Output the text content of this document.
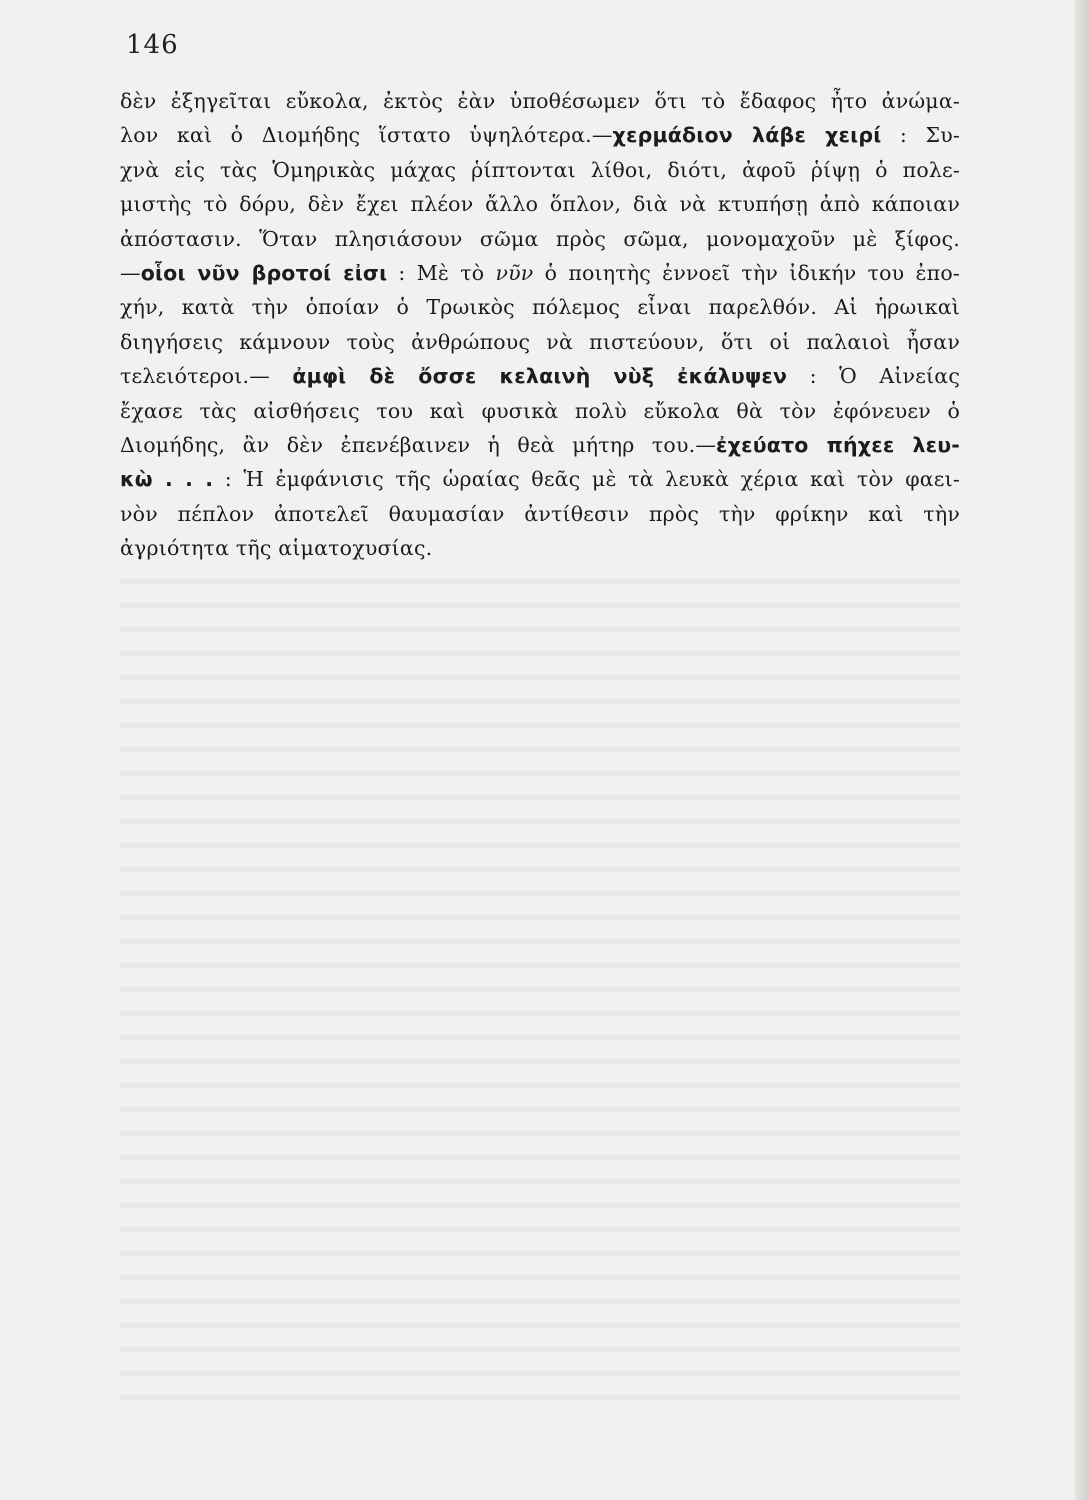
146
δὲν ἐξηγεῖται εὔκολα, ἐκτὸς ἐὰν ὑποθέσωμεν ὅτι τὸ ἔδαφος ἦτο ἀνώμα-
λον καὶ ὁ Διομήδης ἵστατο ὑψηλότερα.—χερμάδιον λάβε χειρί : Συ-
χνὰ εἰς τὰς Ὁμηρικὰς μάχας ῥίπτονται λίθοι, διότι, ἀφοῦ ῥίψῃ ὁ πολε-
μιστὴς τὸ δόρυ, δὲν ἔχει πλέον ἄλλο ὅπλον, διὰ νὰ κτυπήσῃ ἀπὸ κάποιαν
ἀπόστασιν. Ὅταν πλησιάσουν σῶμα πρὸς σῶμα, μονομαχοῦν μὲ ξίφος.
—οἷοι νῦν βροτοί εἰσι : Μὲ τὸ νῦν ὁ ποιητὴς ἐννοεῖ τὴν ἰδικήν του ἐπο-
χήν, κατὰ τὴν ὁποίαν ὁ Τρωικὸς πόλεμος εἶναι παρελθόν. Αἱ ἡρωικαὶ
διηγήσεις κάμνουν τοὺς ἀνθρώπους νὰ πιστεύουν, ὅτι οἱ παλαιοὶ ἦσαν
τελειότεροι.— ἀμφὶ δὲ ὄσσε κελαινὴ νὺξ ἐκάλυψεν : Ὁ Αἰνείας
ἔχασε τὰς αἰσθήσεις του καὶ φυσικὰ πολὺ εὔκολα θὰ τὸν ἐφόνευεν ὁ
Διομήδης, ἂν δὲν ἐπενέβαινεν ἡ θεὰ μήτηρ του.—ἐχεύατο πήχεε λευ-
κὼ . . . : Ἡ ἐμφάνισις τῆς ὡραίας θεᾶς μὲ τὰ λευκὰ χέρια καὶ τὸν φαει-
νὸν πέπλον ἀποτελεῖ θαυμασίαν ἀντίθεσιν πρὸς τὴν φρίκην καὶ τὴν
ἀγριότητα τῆς αἱματοχυσίας.
